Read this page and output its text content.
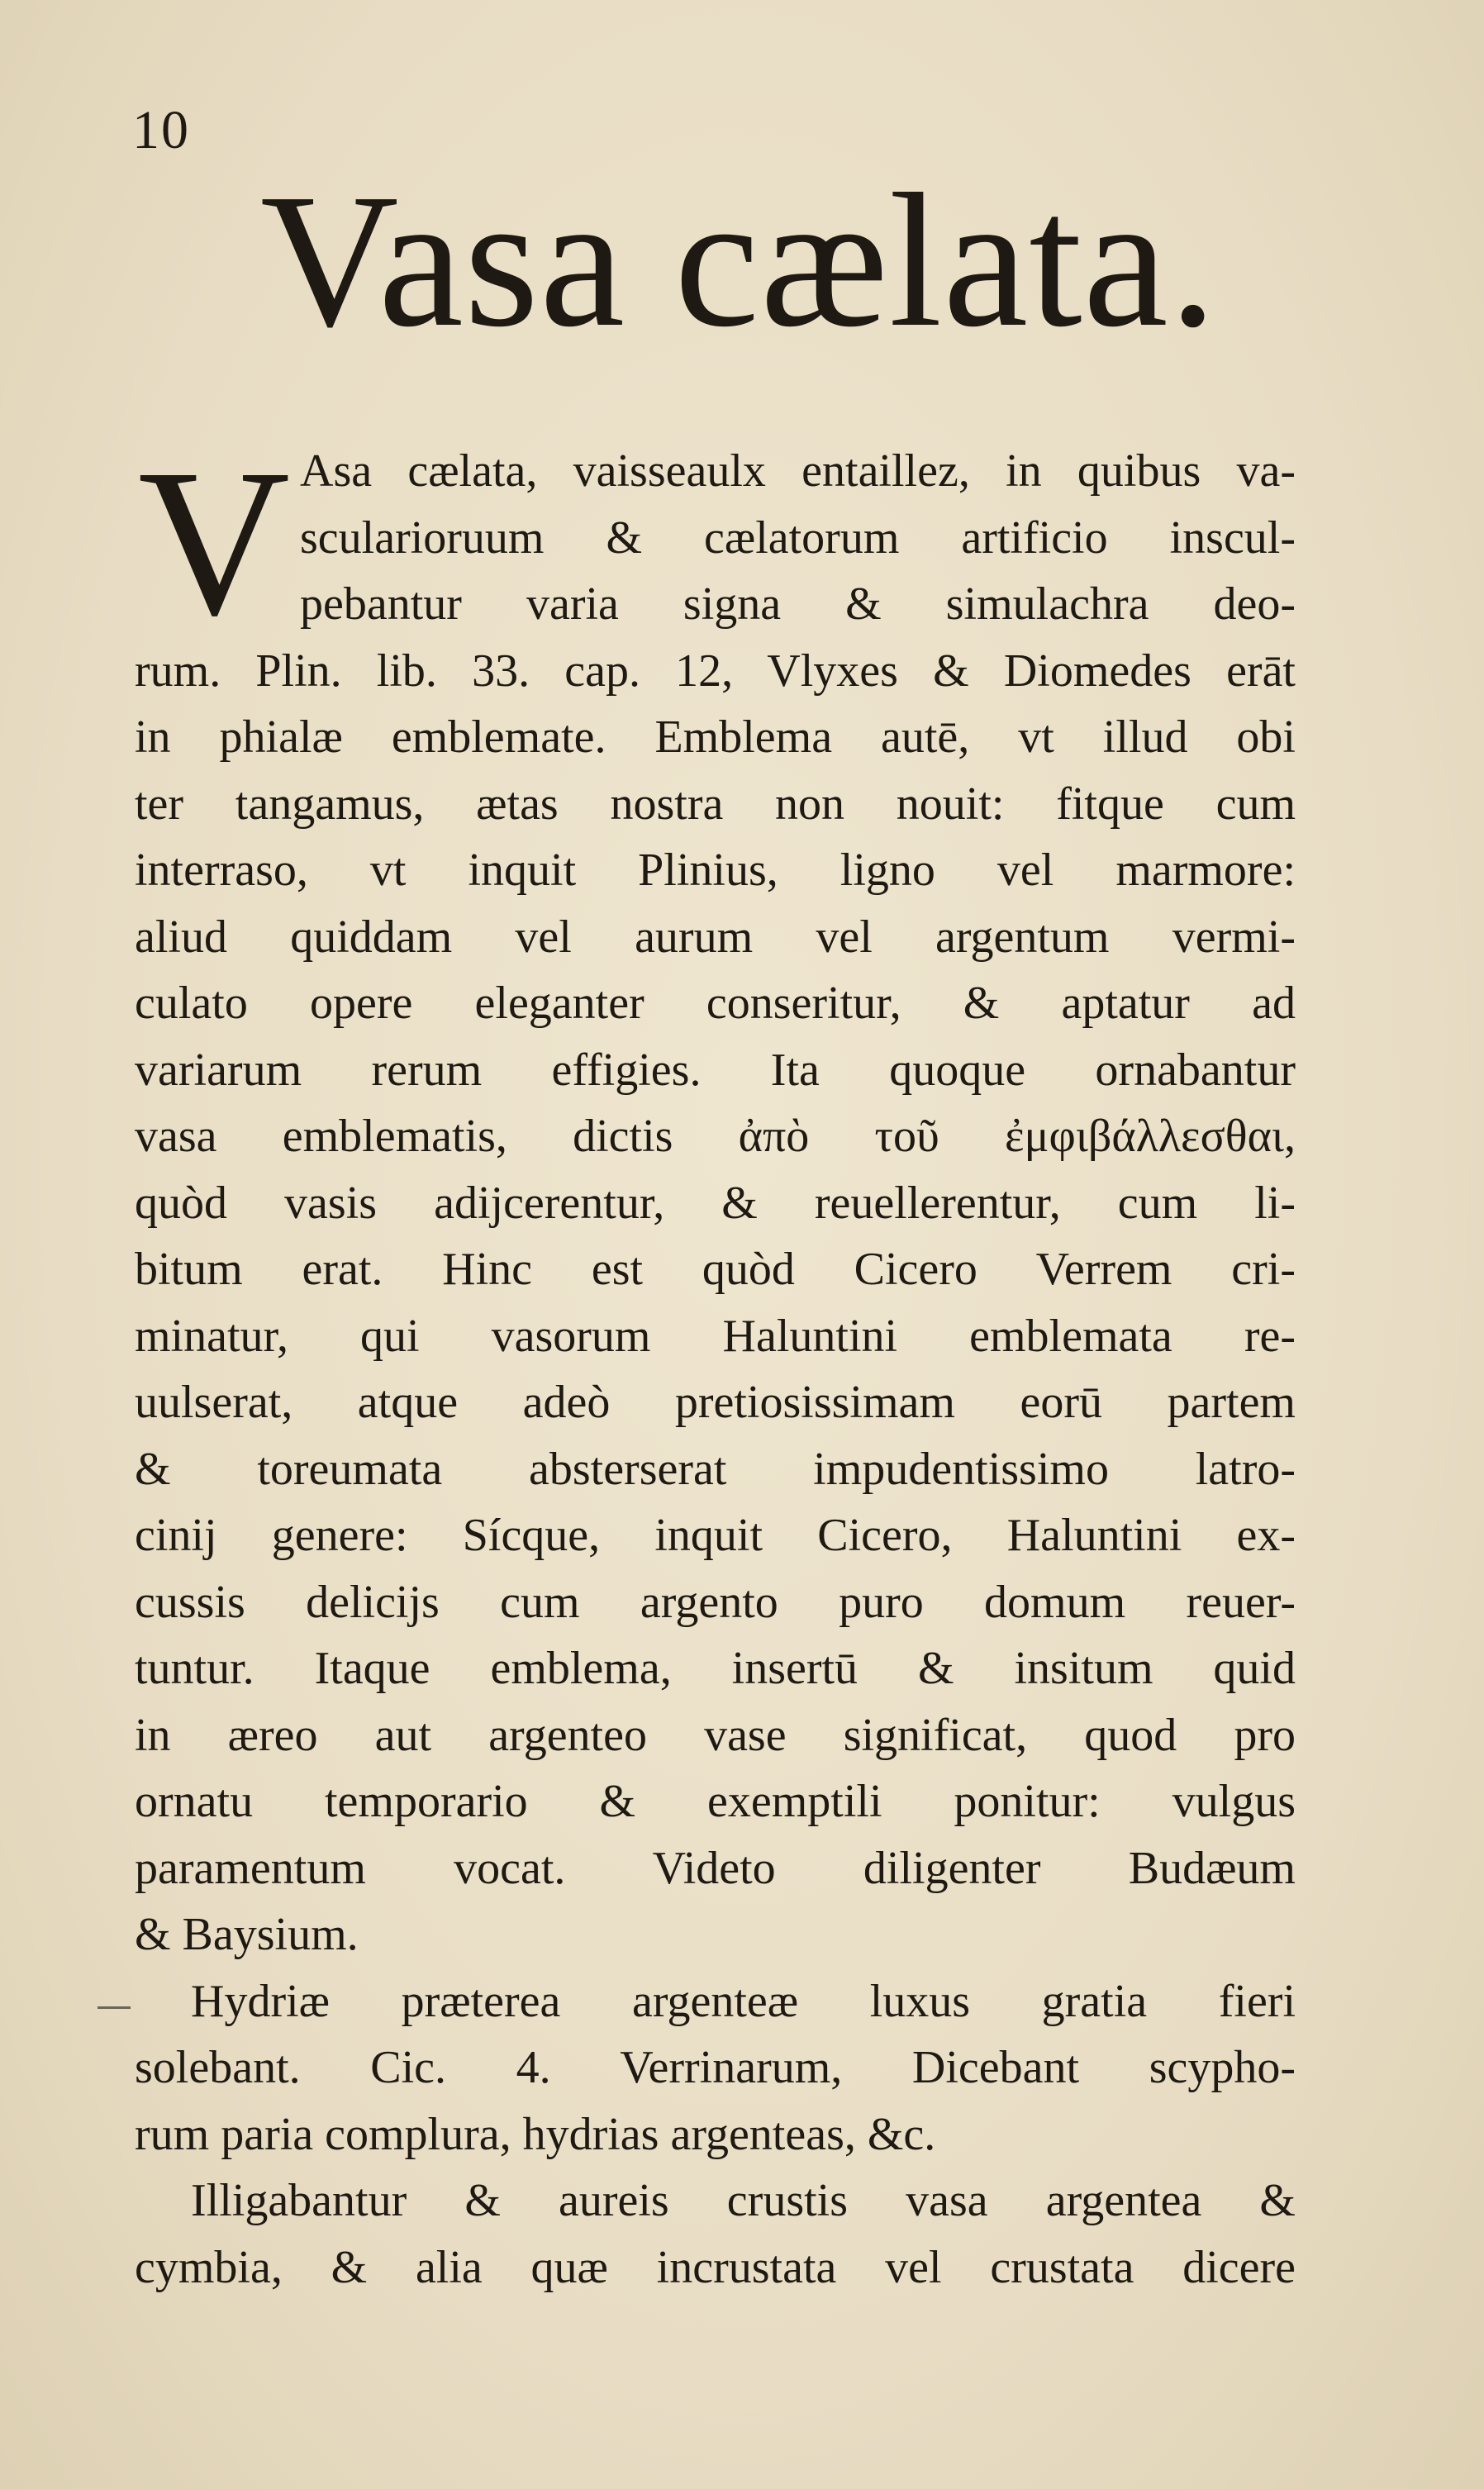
10
Vasa cælata.
V Asa cælata, vaisseaulx entaillez, in quibus va-
scularioruum & cælatorum artificio inscul-
pebantur varia signa & simulachra deo-
rum. Plin. lib. 33. cap. 12, Vlyxes & Diomedes erāt
in phialæ emblemate. Emblema autē, vt illud obi
ter tangamus, ætas nostra non nouit: fitque cum
interraso, vt inquit Plinius, ligno vel marmore:
aliud quiddam vel aurum vel argentum vermi-
culato opere eleganter conseritur, & aptatur ad
variarum rerum effigies. Ita quoque ornabantur
vasa emblematis, dictis ἀπὸ τοῦ ἐμφιβάλλεσθαι,
quòd vasis adijcerentur, & reuellerentur, cum li-
bitum erat. Hinc est quòd Cicero Verrem cri-
minatur, qui vasorum Haluntini emblemata re-
uulserat, atque adeò pretiosissimam eorū partem
& toreumata absterserat impudentissimo latro-
cinij genere: Sícque, inquit Cicero, Haluntini ex-
cussis delicijs cum argento puro domum reuer-
tuntur. Itaque emblema, insertū & insitum quid
in æreo aut argenteo vase significat, quod pro
ornatu temporario & exemptili ponitur: vulgus
paramentum vocat. Videto diligenter Budæum
& Baysium.
Hydriæ præterea argenteæ luxus gratia fieri
solebant. Cic. 4. Verrinarum, Dicebant scypho-
rum paria complura, hydrias argenteas, &c.
Illigabantur & aureis crustis vasa argentea &
cymbia, & alia quæ incrustata vel crustata dicere
